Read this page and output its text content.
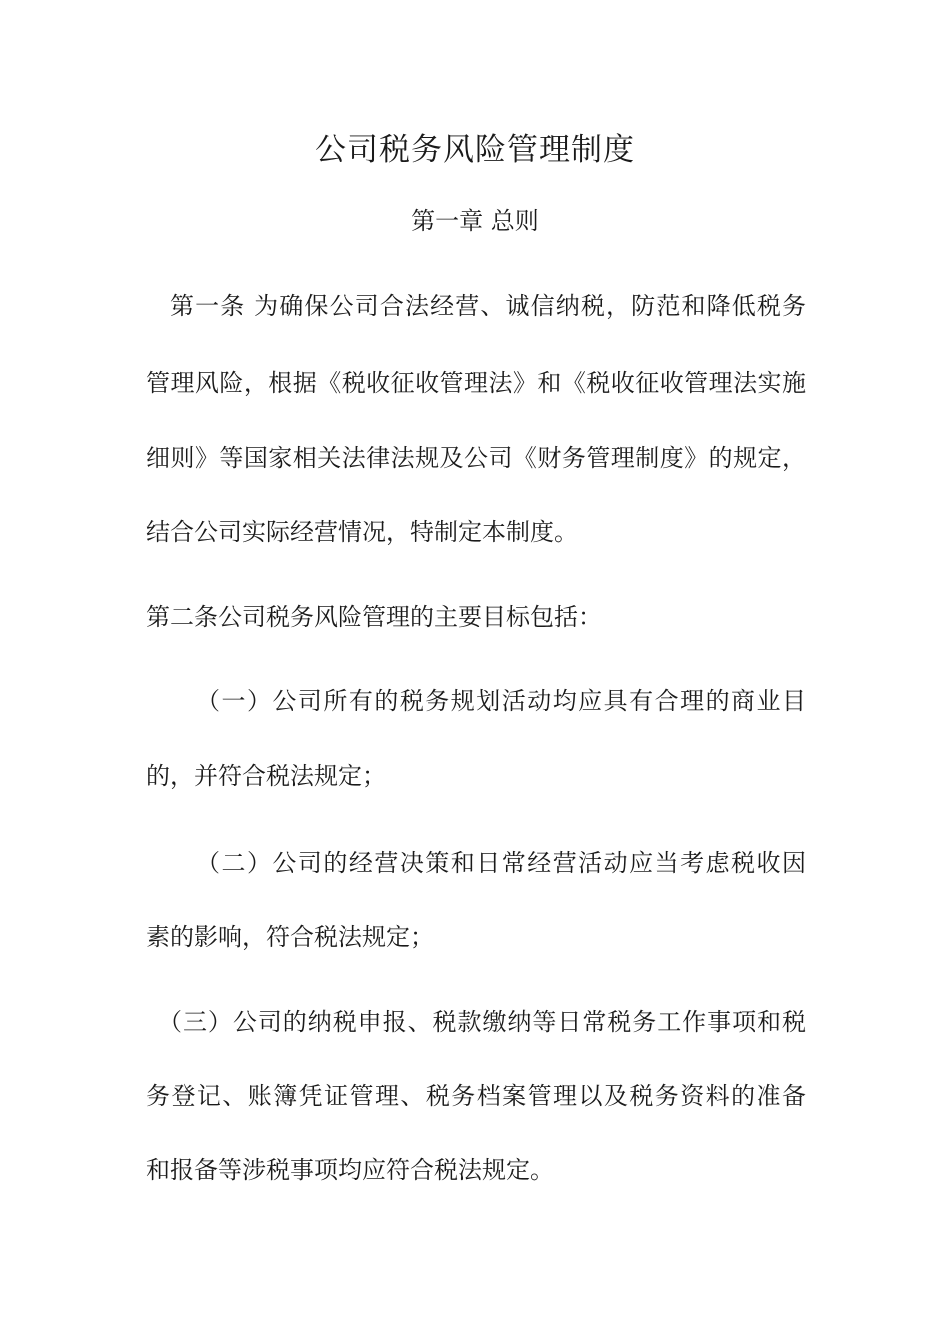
公司税务风险管理制度
第一章 总则
第一条 为确保公司合法经营、诚信纳税，防范和降低税务
管理风险，根据《税收征收管理法》和《税收征收管理法实施
细则》等国家相关法律法规及公司《财务管理制度》的规定，
结合公司实际经营情况，特制定本制度。
第二条公司税务风险管理的主要目标包括：
（一）公司所有的税务规划活动均应具有合理的商业目
的，并符合税法规定；
（二）公司的经营决策和日常经营活动应当考虑税收因
素的影响，符合税法规定；
（三）公司的纳税申报、税款缴纳等日常税务工作事项和税
务登记、账簿凭证管理、税务档案管理以及税务资料的准备
和报备等涉税事项均应符合税法规定。
